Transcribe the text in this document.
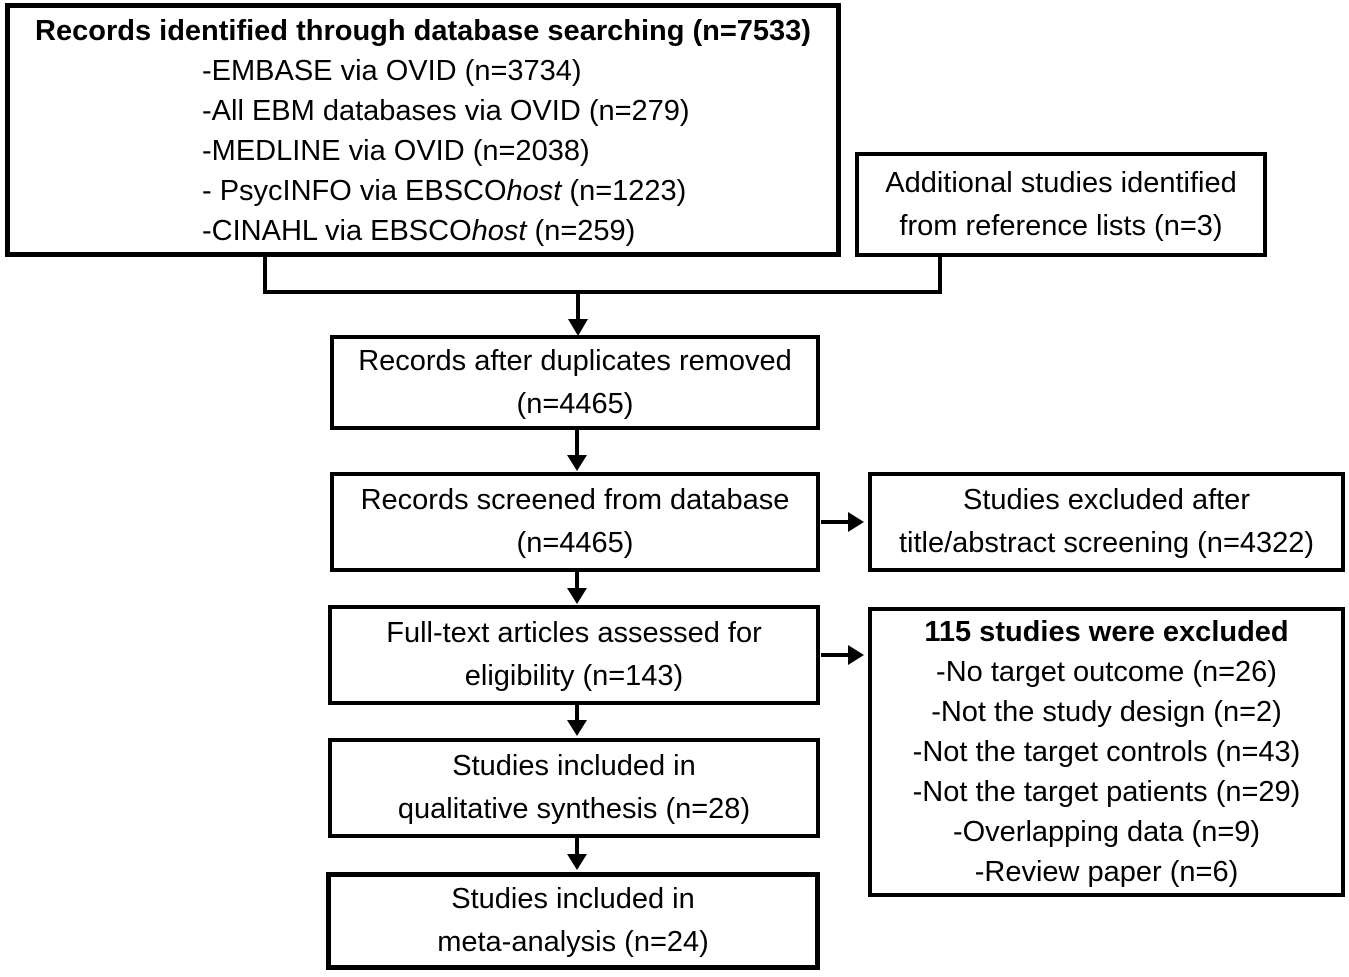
Records identified through database searching (n=7533)
-EMBASE via OVID (n=3734)
-All EBM databases via OVID (n=279)
-MEDLINE via OVID (n=2038)
- PsycINFO via EBSCOhost (n=1223)
-CINAHL via EBSCOhost (n=259)
Additional studies identified
from reference lists (n=3)
Records after duplicates removed
(n=4465)
Records screened from database
(n=4465)
Studies excluded after
title/abstract screening (n=4322)
Full-text articles assessed for
eligibility (n=143)
115 studies were excluded
-No target outcome (n=26)
-Not the study design (n=2)
-Not the target controls (n=43)
-Not the target patients (n=29)
-Overlapping data (n=9)
-Review paper (n=6)
Studies included in
qualitative synthesis (n=28)
Studies included in
meta-analysis (n=24)
